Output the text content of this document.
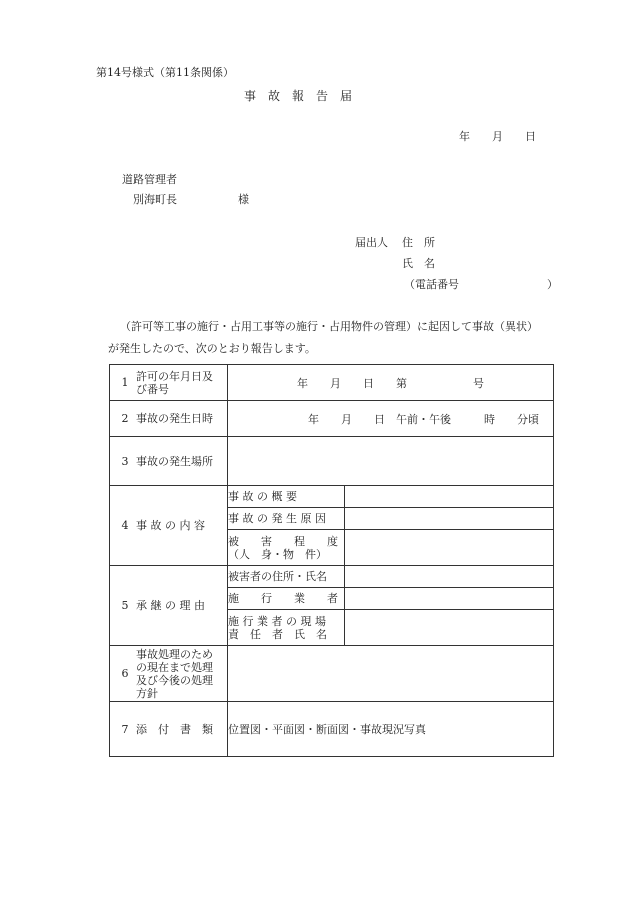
第14号様式（第11条関係）
事　故　報　告　届
年　　月　　日
道路管理者
別海町長	様
届出人 住　所
氏　名
（電話番号　　　　　　　　）
（許可等工事の施行・占用工事等の施行・占用物件の管理）に起因して事故（異状）
が発生したので、次のとおり報告します。
1 許可の年月日及び番号	年　　月　　日　　第　　　　　　号	

2 事故の発生日時	年　　月　　日　午前・午後　　　時　　分頃	

3 事故の発生場所		

4 事 故 の 内 容	事 故 の 概 要	
	事 故 の 発 生 原 因	

	被　　害　　程　　度
（人　身・物　件）	

5 承 継 の 理 由	被害者の住所・氏名	
	施　　行　　業　　者	

	施 行 業 者 の 現 場
責　任　者　氏　名	

6
事故処理のための現在まで処理及び今後の処理方針		

7 添　付　書　類	位置図・平面図・断面図・事故現況写真	
